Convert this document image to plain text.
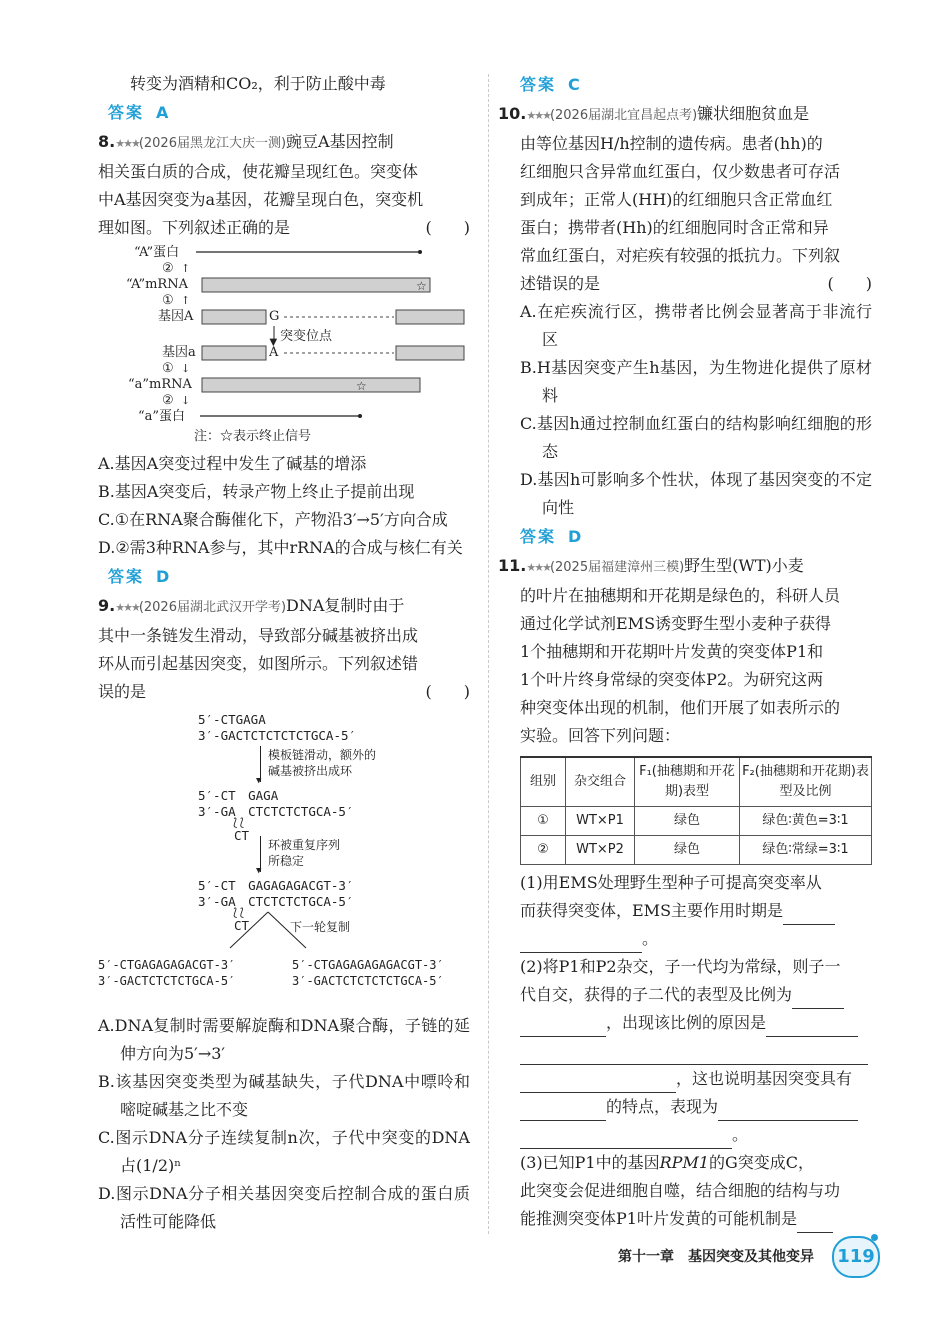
转变为酒精和CO₂，利于防止酸中毒

答案 A

8.★★★(2026届黑龙江大庆一测)豌豆A基因控制

相关蛋白质的合成，使花瓣呈现红色。突变体

中A基因突变为a基因，花瓣呈现白色，突变机

理如图。下列叙述正确的是	(　　)

“A”蛋白
② ↑
“A”mRNA	☆
① ↑
基因A	G
▼ 突变位点
基因a	A
① ↓
“a”mRNA	☆
② ↓
“a”蛋白
注：☆表示终止信号

A.基因A突变过程中发生了碱基的增添

B.基因A突变后，转录产物上终止子提前出现

C.①在RNA聚合酶催化下，产物沿3′→5′方向合成

D.②需3种RNA参与，其中rRNA的合成与核仁有关

答案 D

9.★★★(2026届湖北武汉开学考)DNA复制时由于

其中一条链发生滑动，导致部分碱基被挤出成

环从而引起基因突变，如图所示。下列叙述错

误的是	(　　)

5′-CTGAGA
3′-GACTCTCTCTCTGCA-5′
▼
模板链滑动，额外的
碱基被挤出成环
5′-CT　GAGA
3′-GA　CTCTCTCTGCA-5′
⟅⟅
CT
▼
环被重复序列
所稳定
5′-CT　GAGAGAGACGT-3′
3′-GA　CTCTCTCTGCA-5′
⟅⟅
CT	下一轮复制
5′-CTGAGAGAGACGT-3′
3′-GACTCTCTCTGCA-5′
5′-CTGAGAGAGAGACGT-3′
3′-GACTCTCTCTCTGCA-5′

A.DNA复制时需要解旋酶和DNA聚合酶，子链的延伸方向为5′→3′

B.该基因突变类型为碱基缺失，子代DNA中嘌呤和嘧啶碱基之比不变

C.图示DNA分子连续复制n次，子代中突变的DNA占(1/2)ⁿ

D.图示DNA分子相关基因突变后控制合成的蛋白质活性可能降低

答案 C

10.★★★(2026届湖北宜昌起点考)镰状细胞贫血是

由等位基因H/h控制的遗传病。患者(hh)的

红细胞只含异常血红蛋白，仅少数患者可存活

到成年；正常人(HH)的红细胞只含正常血红

蛋白；携带者(Hh)的红细胞同时含正常和异

常血红蛋白，对疟疾有较强的抵抗力。下列叙

述错误的是	(　　)

A.在疟疾流行区，携带者比例会显著高于非流行区

B.H基因突变产生h基因，为生物进化提供了原材料

C.基因h通过控制血红蛋白的结构影响红细胞的形态

D.基因h可影响多个性状，体现了基因突变的不定向性

答案 D

11.★★★(2025届福建漳州三模)野生型(WT)小麦

的叶片在抽穗期和开花期是绿色的，科研人员

通过化学试剂EMS诱变野生型小麦种子获得

1个抽穗期和开花期叶片发黄的突变体P1和

1个叶片终身常绿的突变体P2。为研究这两

种突变体出现的机制，他们开展了如表所示的

实验。回答下列问题：

组别	杂交组合	F₁(抽穗期和开花期)表型	F₂(抽穗期和开花期)表型及比例
①	WT×P1	绿色	绿色∶黄色=3∶1
②	WT×P2	绿色	绿色∶常绿=3∶1

(1)用EMS处理野生型种子可提高突变率从

而获得突变体，EMS主要作用时期是

。

(2)将P1和P2杂交，子一代均为常绿，则子一

代自交，获得的子二代的表型及比例为

，出现该比例的原因是

，这也说明基因突变具有

的特点，表现为

。

(3)已知P1中的基因RPM1的G突变成C，

此突变会促进细胞自噬，结合细胞的结构与功

能推测突变体P1叶片发黄的可能机制是

第十一章　基因突变及其他变异 119
